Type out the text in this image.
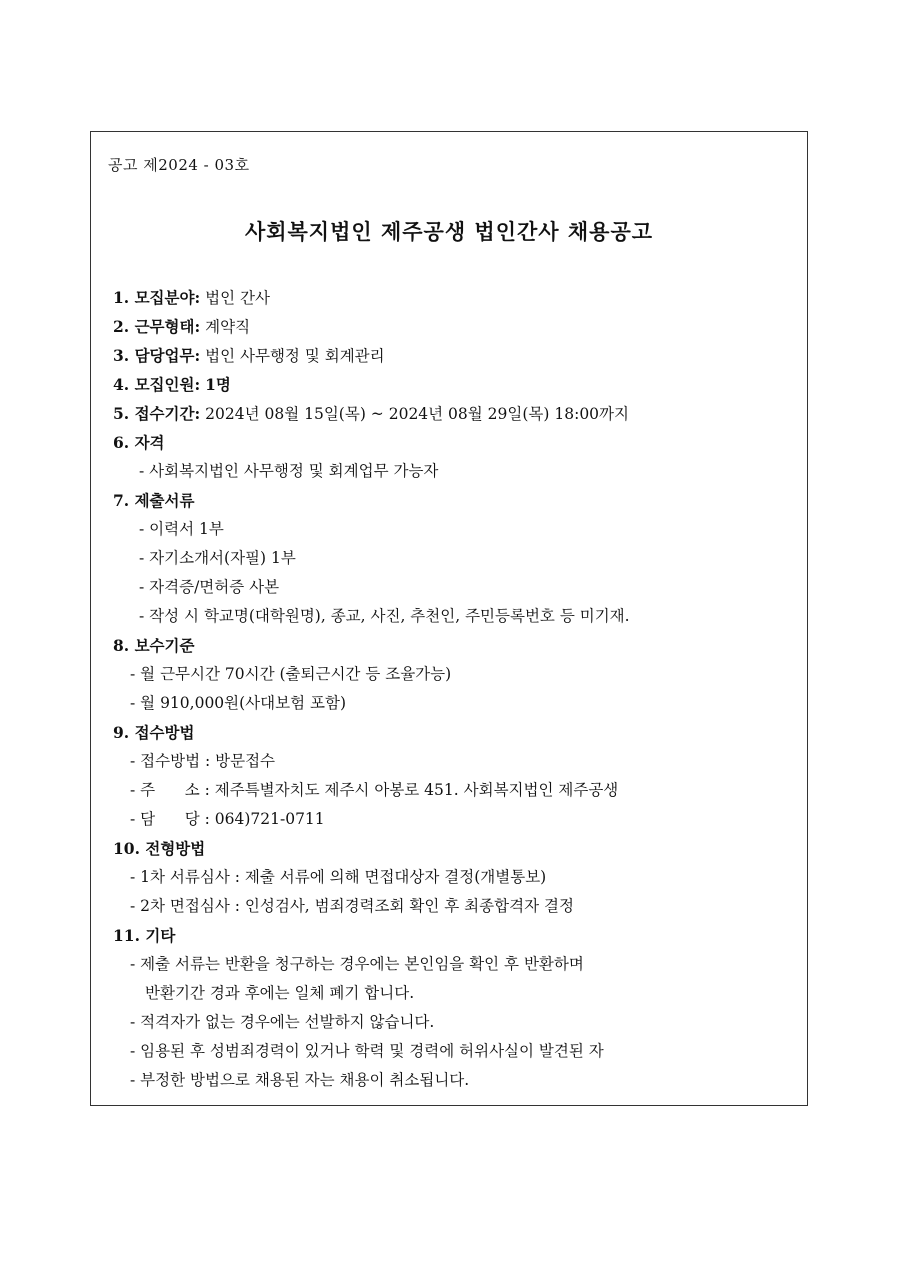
공고 제2024 - 03호
사회복지법인 제주공생 법인간사 채용공고
1. 모집분야: 법인 간사
2. 근무형태: 계약직
3. 담당업무: 법인 사무행정 및 회계관리
4. 모집인원: 1명
5. 접수기간: 2024년 08월 15일(목) ~ 2024년 08월 29일(목) 18:00까지
6. 자격
- 사회복지법인 사무행정 및 회계업무 가능자
7. 제출서류
- 이력서 1부
- 자기소개서(자필) 1부
- 자격증/면허증 사본
- 작성 시 학교명(대학원명), 종교, 사진, 추천인, 주민등록번호 등 미기재.
8. 보수기준
- 월 근무시간 70시간 (출퇴근시간 등 조율가능)
- 월 910,000원(사대보험 포함)
9. 접수방법
- 접수방법 : 방문접수
- 주      소 : 제주특별자치도 제주시 아봉로 451. 사회복지법인 제주공생
- 담      당 : 064)721-0711
10. 전형방법
- 1차 서류심사 : 제출 서류에 의해 면접대상자 결정(개별통보)
- 2차 면접심사 : 인성검사, 범죄경력조회 확인 후 최종합격자 결정
11. 기타
- 제출 서류는 반환을 청구하는 경우에는 본인임을 확인 후 반환하며
반환기간 경과 후에는 일체 폐기 합니다.
- 적격자가 없는 경우에는 선발하지 않습니다.
- 임용된 후 성범죄경력이 있거나 학력 및 경력에 허위사실이 발견된 자
- 부정한 방법으로 채용된 자는 채용이 취소됩니다.
